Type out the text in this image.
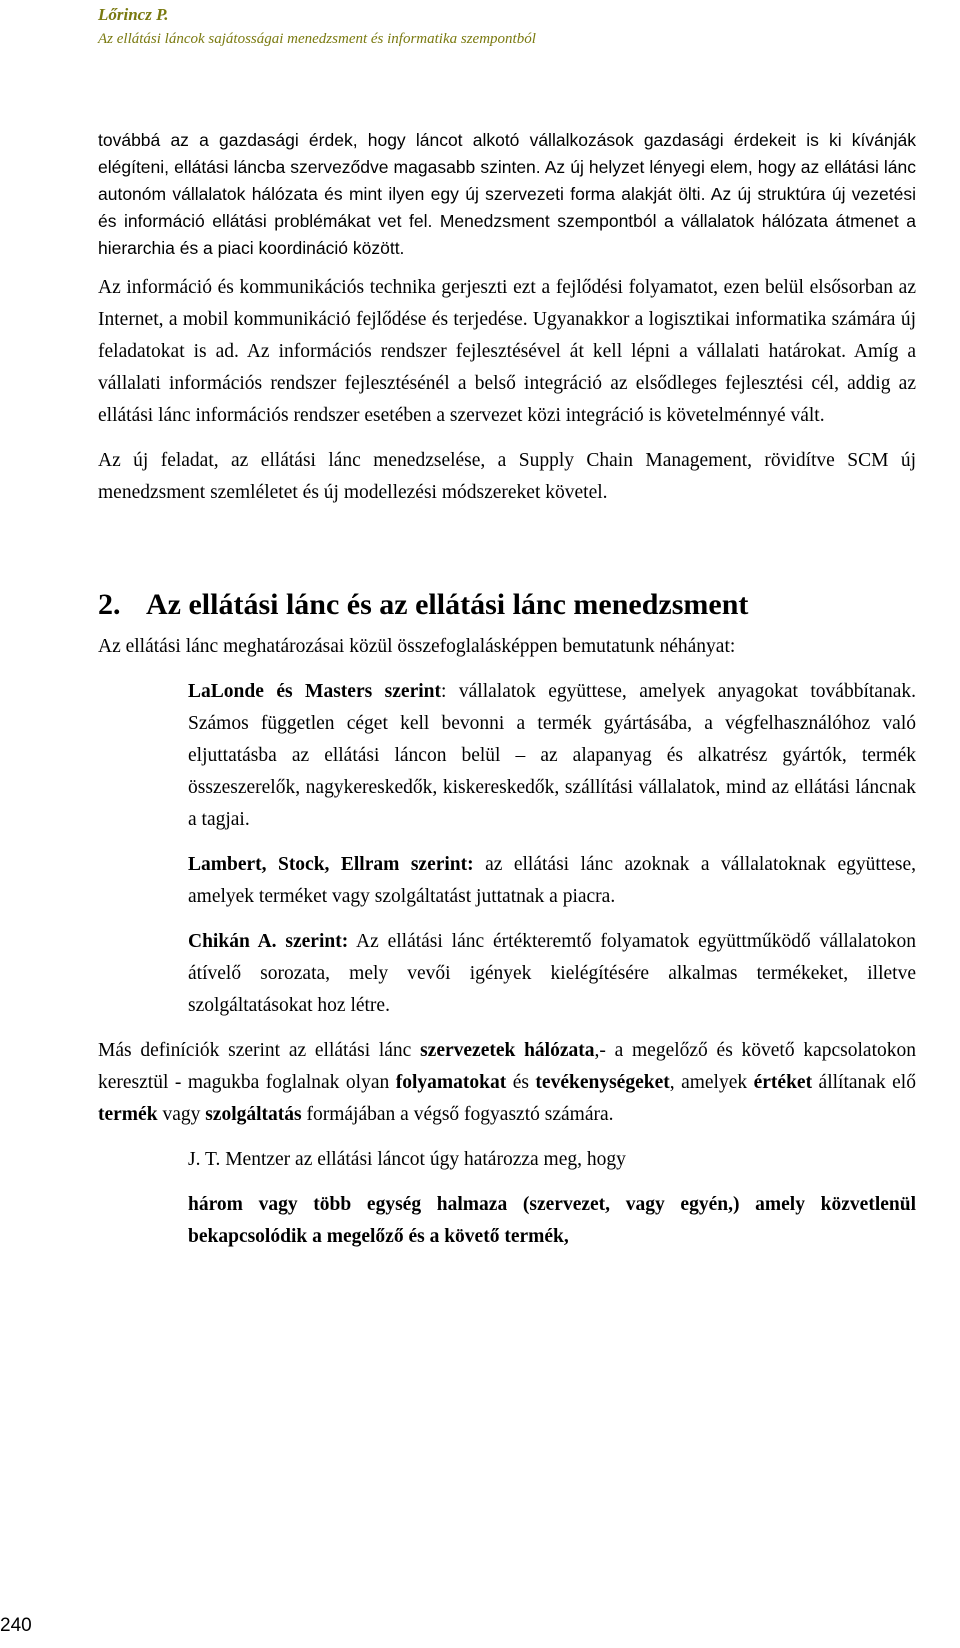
Lőrincz P.
Az ellátási láncok sajátosságai menedzsment és informatika szempontból

továbbá az a gazdasági érdek, hogy láncot alkotó vállalkozások gazdasági érdekeit is ki kívánják elégíteni, ellátási láncba szerveződve magasabb szinten. Az új helyzet lényegi elem, hogy az ellátási lánc autonóm vállalatok hálózata és mint ilyen egy új szervezeti forma alakját ölti. Az új struktúra új vezetési és információ ellátási problémákat vet fel. Menedzsment szempontból a vállalatok hálózata átmenet a hierarchia és a piaci koordináció között.

Az információ és kommunikációs technika gerjeszti ezt a fejlődési folyamatot, ezen belül elsősorban az Internet, a mobil kommunikáció fejlődése és terjedése. Ugyanakkor a logisztikai informatika számára új feladatokat is ad. Az információs rendszer fejlesztésével át kell lépni a vállalati határokat. Amíg a vállalati információs rendszer fejlesztésénél a belső integráció az elsődleges fejlesztési cél, addig az ellátási lánc információs rendszer esetében a szervezet közi integráció is követelménnyé vált.

Az új feladat, az ellátási lánc menedzselése, a Supply Chain Management, rövidítve SCM új menedzsment szemléletet és új modellezési módszereket követel.

2. Az ellátási lánc és az ellátási lánc menedzsment

Az ellátási lánc meghatározásai közül összefoglalásképpen bemutatunk néhányat:

LaLonde és Masters szerint: vállalatok együttese, amelyek anyagokat továbbítanak. Számos független céget kell bevonni a termék gyártásába, a végfelhasználóhoz való eljuttatásba az ellátási láncon belül – az alapanyag és alkatrész gyártók, termék összeszerelők, nagykereskedők, kiskereskedők, szállítási vállalatok, mind az ellátási láncnak a tagjai.

Lambert, Stock, Ellram szerint: az ellátási lánc azoknak a vállalatoknak együttese, amelyek terméket vagy szolgáltatást juttatnak a piacra.

Chikán A. szerint: Az ellátási lánc értékteremtő folyamatok együttműködő vállalatokon átívelő sorozata, mely vevői igények kielégítésére alkalmas termékeket, illetve szolgáltatásokat hoz létre.

Más definíciók szerint az ellátási lánc szervezetek hálózata,- a megelőző és követő kapcsolatokon keresztül - magukba foglalnak olyan folyamatokat és tevékenységeket, amelyek értéket állítanak elő termék vagy szolgáltatás formájában a végső fogyasztó számára.

J. T. Mentzer az ellátási láncot úgy határozza meg, hogy

három vagy több egység halmaza (szervezet, vagy egyén,) amely közvetlenül bekapcsolódik a megelőző és a követő termék,

240
